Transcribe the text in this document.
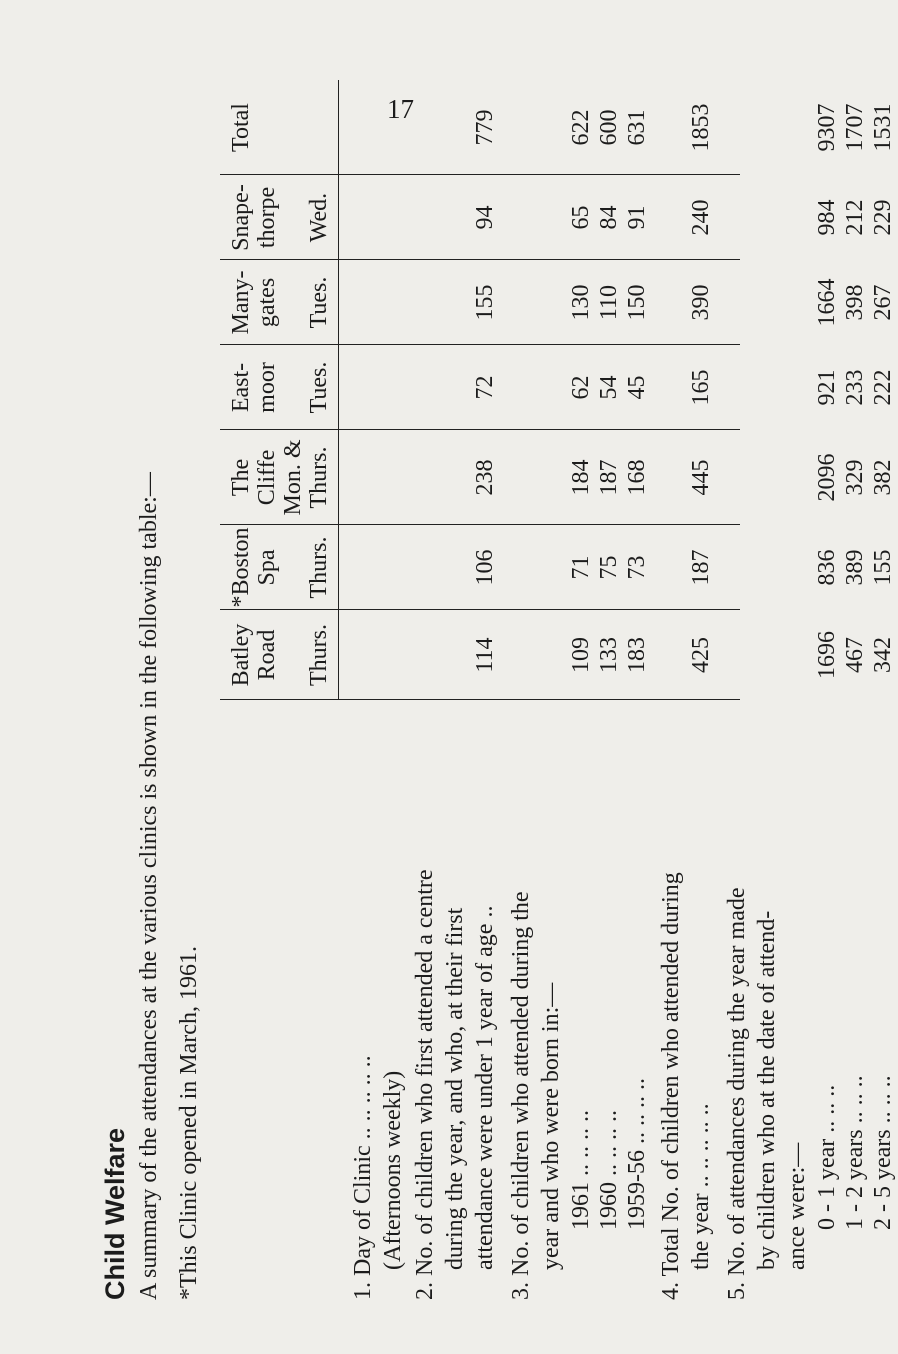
17
Child Welfare A summary of the attendances at the various clinics is shown in the following table:— *This Clinic opened in March, 1961.
Batley Road Thurs.
*Boston Spa Thurs.
The Cliffe
Mon. & Thurs.
East-moor Tues.
Many-gates Tues.
Snape-thorpe Wed.
Total

1. Day of Clinic .. .. .. .. .. (Afternoons weekly) 2. No. of children who first attended a centre during the year, and who, at their first attendance were under 1 year of age ..
114
106
238
72
155
94
779
3. No. of children who attended during the year and who were born in:— 1961 .. .. .. ..
109
71
184
62
130
65
622
1960 .. .. .. ..
133
75
187
54
110
84
600
1959-56 .. .. .. ..
183
73
168
45
150
91
631
4. Total No. of children who attended during the year .. .. .. .. ..
425
187
445
165
390
240
1853
5. No. of attendances during the year made by children who at the date of attend- ance were:— 0 - 1 year .. .. ..
1696
836
2096
921
1664
984
9307
1 - 2 years .. .. ..
467
389
329
233
398
212
1707
2 - 5 years .. .. ..
342
155
382
222
267
229
1531
